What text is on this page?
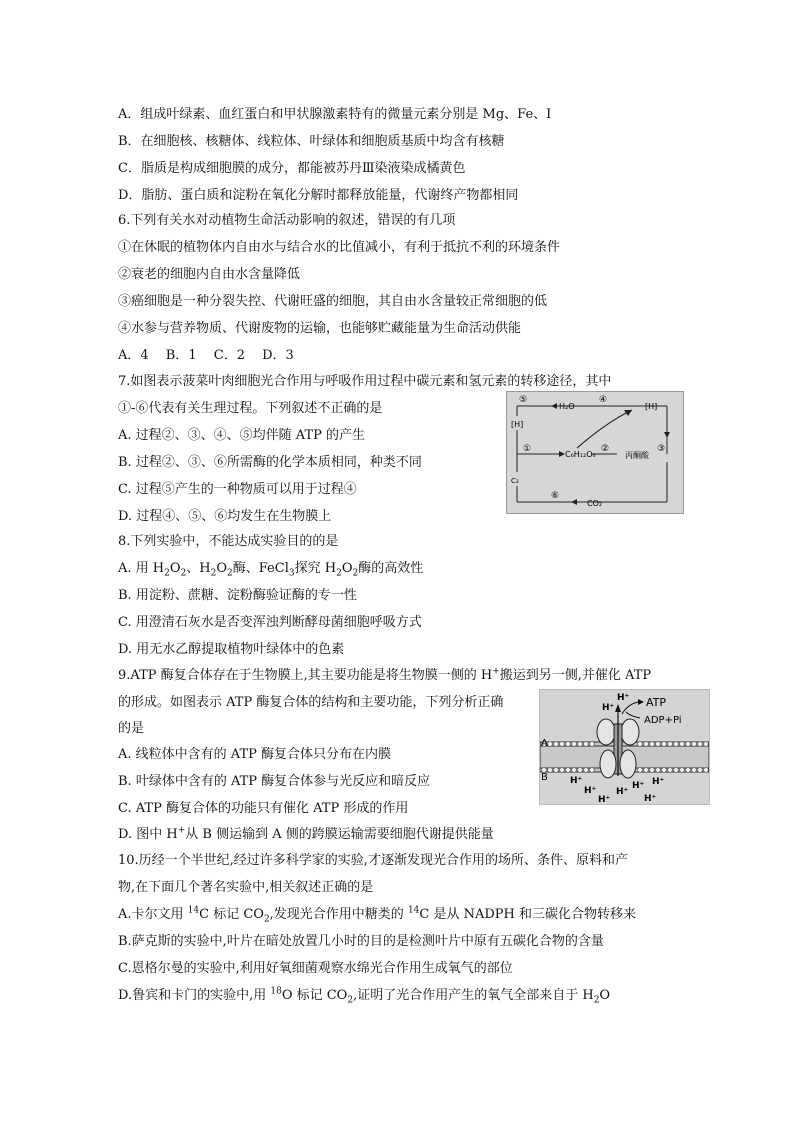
A．组成叶绿素、血红蛋白和甲状腺激素特有的微量元素分别是 Mg、Fe、I
B．在细胞核、核糖体、线粒体、叶绿体和细胞质基质中均含有核糖
C．脂质是构成细胞膜的成分，都能被苏丹Ⅲ染液染成橘黄色
D．脂肪、蛋白质和淀粉在氧化分解时都释放能量，代谢终产物都相同
6.下列有关水对动植物生命活动影响的叙述，错误的有几项
①在休眠的植物体内自由水与结合水的比值减小，有利于抵抗不利的环境条件
②衰老的细胞内自由水含量降低
③癌细胞是一种分裂失控、代谢旺盛的细胞，其自由水含量较正常细胞的低
④水参与营养物质、代谢废物的运输，也能够贮藏能量为生命活动供能
A．4　 B．1　 C．2　 D．3
7.如图表示菠菜叶肉细胞光合作用与呼吸作用过程中碳元素和氢元素的转移途径，其中
①-⑥代表有关生理过程。下列叙述不正确的是
A. 过程②、③、④、⑤均伴随 ATP 的产生
B. 过程②、③、⑥所需酶的化学本质相同，种类不同
C. 过程⑤产生的一种物质可以用于过程④
D. 过程④、⑤、⑥均发生在生物膜上
⑤
H₂O
④
[H]
[H]
①
C₆H₁₂O₆
②	③
丙酮酸
C₃
⑥
CO₂
8.下列实验中，不能达成实验目的的是
A. 用 $H_2O_2$、$H_2O_2$酶、FeCl$_3$探究 $H_2O_2$酶的高效性
B. 用淀粉、蔗糖、淀粉酶验证酶的专一性
C. 用澄清石灰水是否变浑浊判断酵母菌细胞呼吸方式
D. 用无水乙醇提取植物叶绿体中的色素
9.ATP 酶复合体存在于生物膜上,其主要功能是将生物膜一侧的 H+搬运到另一侧,并催化 ATP
的形成。如图表示 ATP 酶复合体的结构和主要功能，下列分析正确
的是
A. 线粒体中含有的 ATP 酶复合体只分布在内膜
B. 叶绿体中含有的 ATP 酶复合体参与光反应和暗反应
C. ATP 酶复合体的功能只有催化 ATP 形成的作用
D. 图中 H+从 B 侧运输到 A 侧的跨膜运输需要细胞代谢提供能量
H⁺
H⁺	ATP
ADP+Pi
A
B H⁺
H⁺
H⁺
H⁺
H⁺ H⁺
H⁺
10.历经一个半世纪,经过许多科学家的实验,才逐渐发现光合作用的场所、条件、原料和产
物,在下面几个著名实验中,相关叙述正确的是
A.卡尔文用 $^{14}$C 标记 $CO_2$,发现光合作用中糖类的 $^{14}$C 是从 NADPH 和三碳化合物转移来
B.萨克斯的实验中,叶片在暗处放置几小时的目的是检测叶片中原有五碳化合物的含量
C.恩格尔曼的实验中,利用好氧细菌观察水绵光合作用生成氧气的部位
D.鲁宾和卡门的实验中,用 $^{18}$O 标记 $CO_2$,证明了光合作用产生的氧气全部来自于 $H_2O$
